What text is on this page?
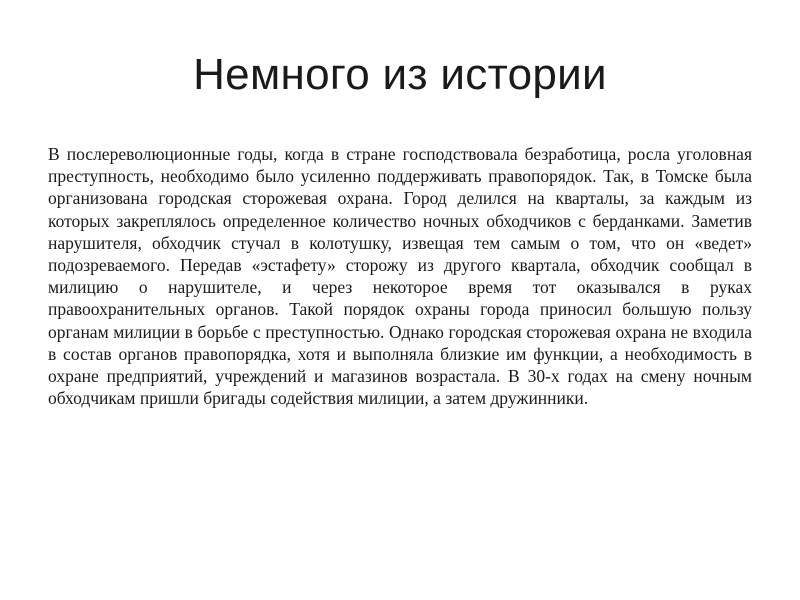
Немного из истории

В послереволюционные годы, когда в стране господствовала безработица, росла уголовная преступность, необходимо было усиленно поддерживать правопорядок. Так, в Томске была организована городская сторожевая охрана. Город делился на кварталы, за каждым из которых закреплялось определенное количество ночных обходчиков с берданками. Заметив нарушителя, обходчик стучал в колотушку, извещая тем самым о том, что он «ведет» подозреваемого. Передав «эстафету» сторожу из другого квартала, обходчик сообщал в милицию о нарушителе, и через некоторое время тот оказывался в руках правоохранительных органов. Такой порядок охраны города приносил большую пользу органам милиции в борьбе с преступностью. Однако городская сторожевая охрана не входила в состав органов правопорядка, хотя и выполняла близкие им функции, а необходимость в охране предприятий, учреждений и магазинов возрастала. В 30-х годах на смену ночным обходчикам пришли бригады содействия милиции, а затем дружинники.
